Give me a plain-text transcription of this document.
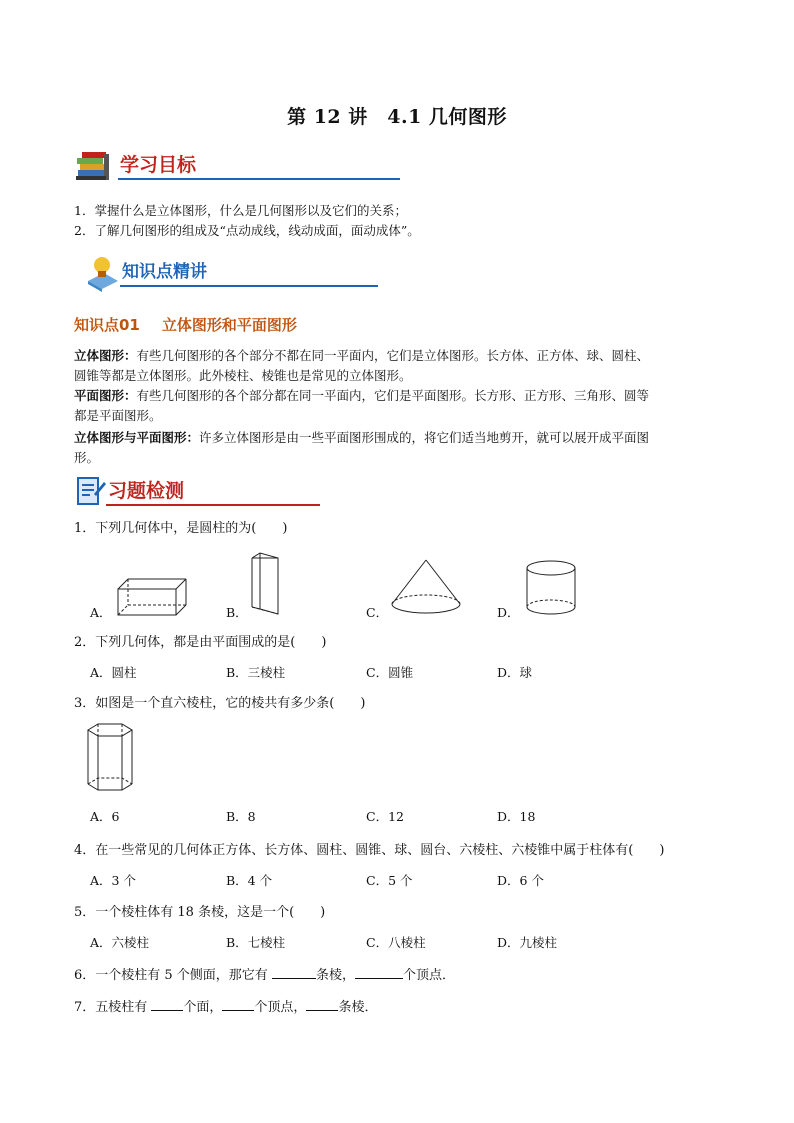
第 12 讲　4.1 几何图形
学习目标
1．掌握什么是立体图形，什么是几何图形以及它们的关系；
2．了解几何图形的组成及“点动成线，线动成面，面动成体”。
知识点精讲
知识点01 立体图形和平面图形
立体图形：有些几何图形的各个部分不都在同一平面内，它们是立体图形。长方体、正方体、球、圆柱、
圆锥等都是立体图形。此外棱柱、棱锥也是常见的立体图形。
平面图形：有些几何图形的各个部分都在同一平面内，它们是平面图形。长方形、正方形、三角形、圆等
都是平面图形。
立体图形与平面图形：许多立体图形是由一些平面图形围成的，将它们适当地剪开，就可以展开成平面图
形。
习题检测
1．下列几何体中，是圆柱的为(　　)
A．	B．	C．	D．
2．下列几何体，都是由平面围成的是(　　)
A．圆柱	B．三棱柱	C．圆锥	D．球
3．如图是一个直六棱柱，它的棱共有多少条(　　)
A．6	B．8	C．12	D．18
4．在一些常见的几何体正方体、长方体、圆柱、圆锥、球、圆台、六棱柱、六棱锥中属于柱体有(　　)
A．3 个	B．4 个	C．5 个	D．6 个
5．一个棱柱体有 18 条棱，这是一个(　　)
A．六棱柱	B．七棱柱	C．八棱柱	D．九棱柱
6．一个棱柱有 5 个侧面，那它有	条棱，	个顶点．
7．五棱柱有 个面， 个顶点， 条棱．
